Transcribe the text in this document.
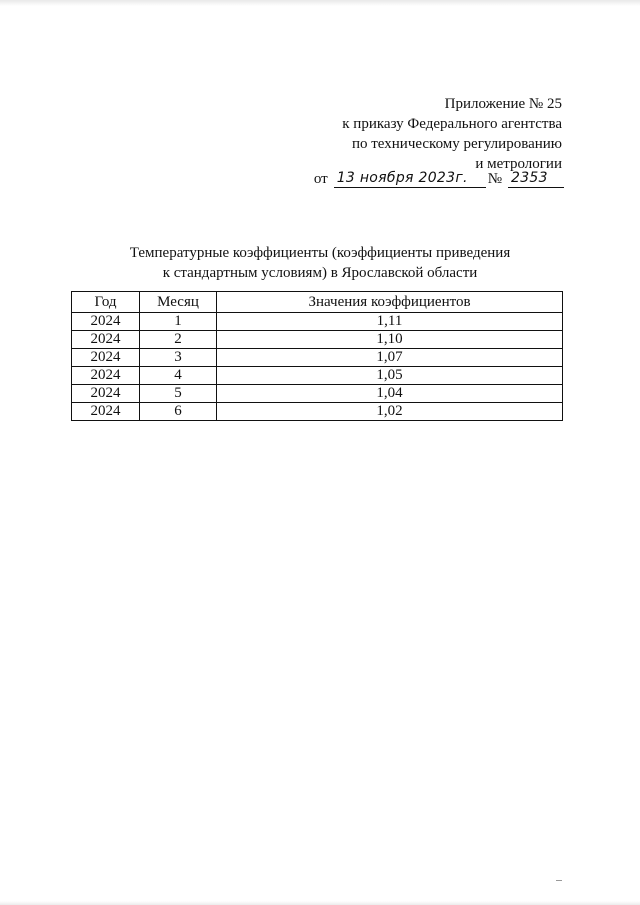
Приложение № 25
к приказу Федерального агентства
по техническому регулированию
и метрологии
от 13 ноября 2023г.	№ 2353
Температурные коэффициенты (коэффициенты приведения
к стандартным условиям) в Ярославской области
Год	Месяц	Значения коэффициентов
2024	1	1,11
2024	2	1,10
2024	3	1,07
2024	4	1,05
2024	5	1,04
2024	6	1,02
